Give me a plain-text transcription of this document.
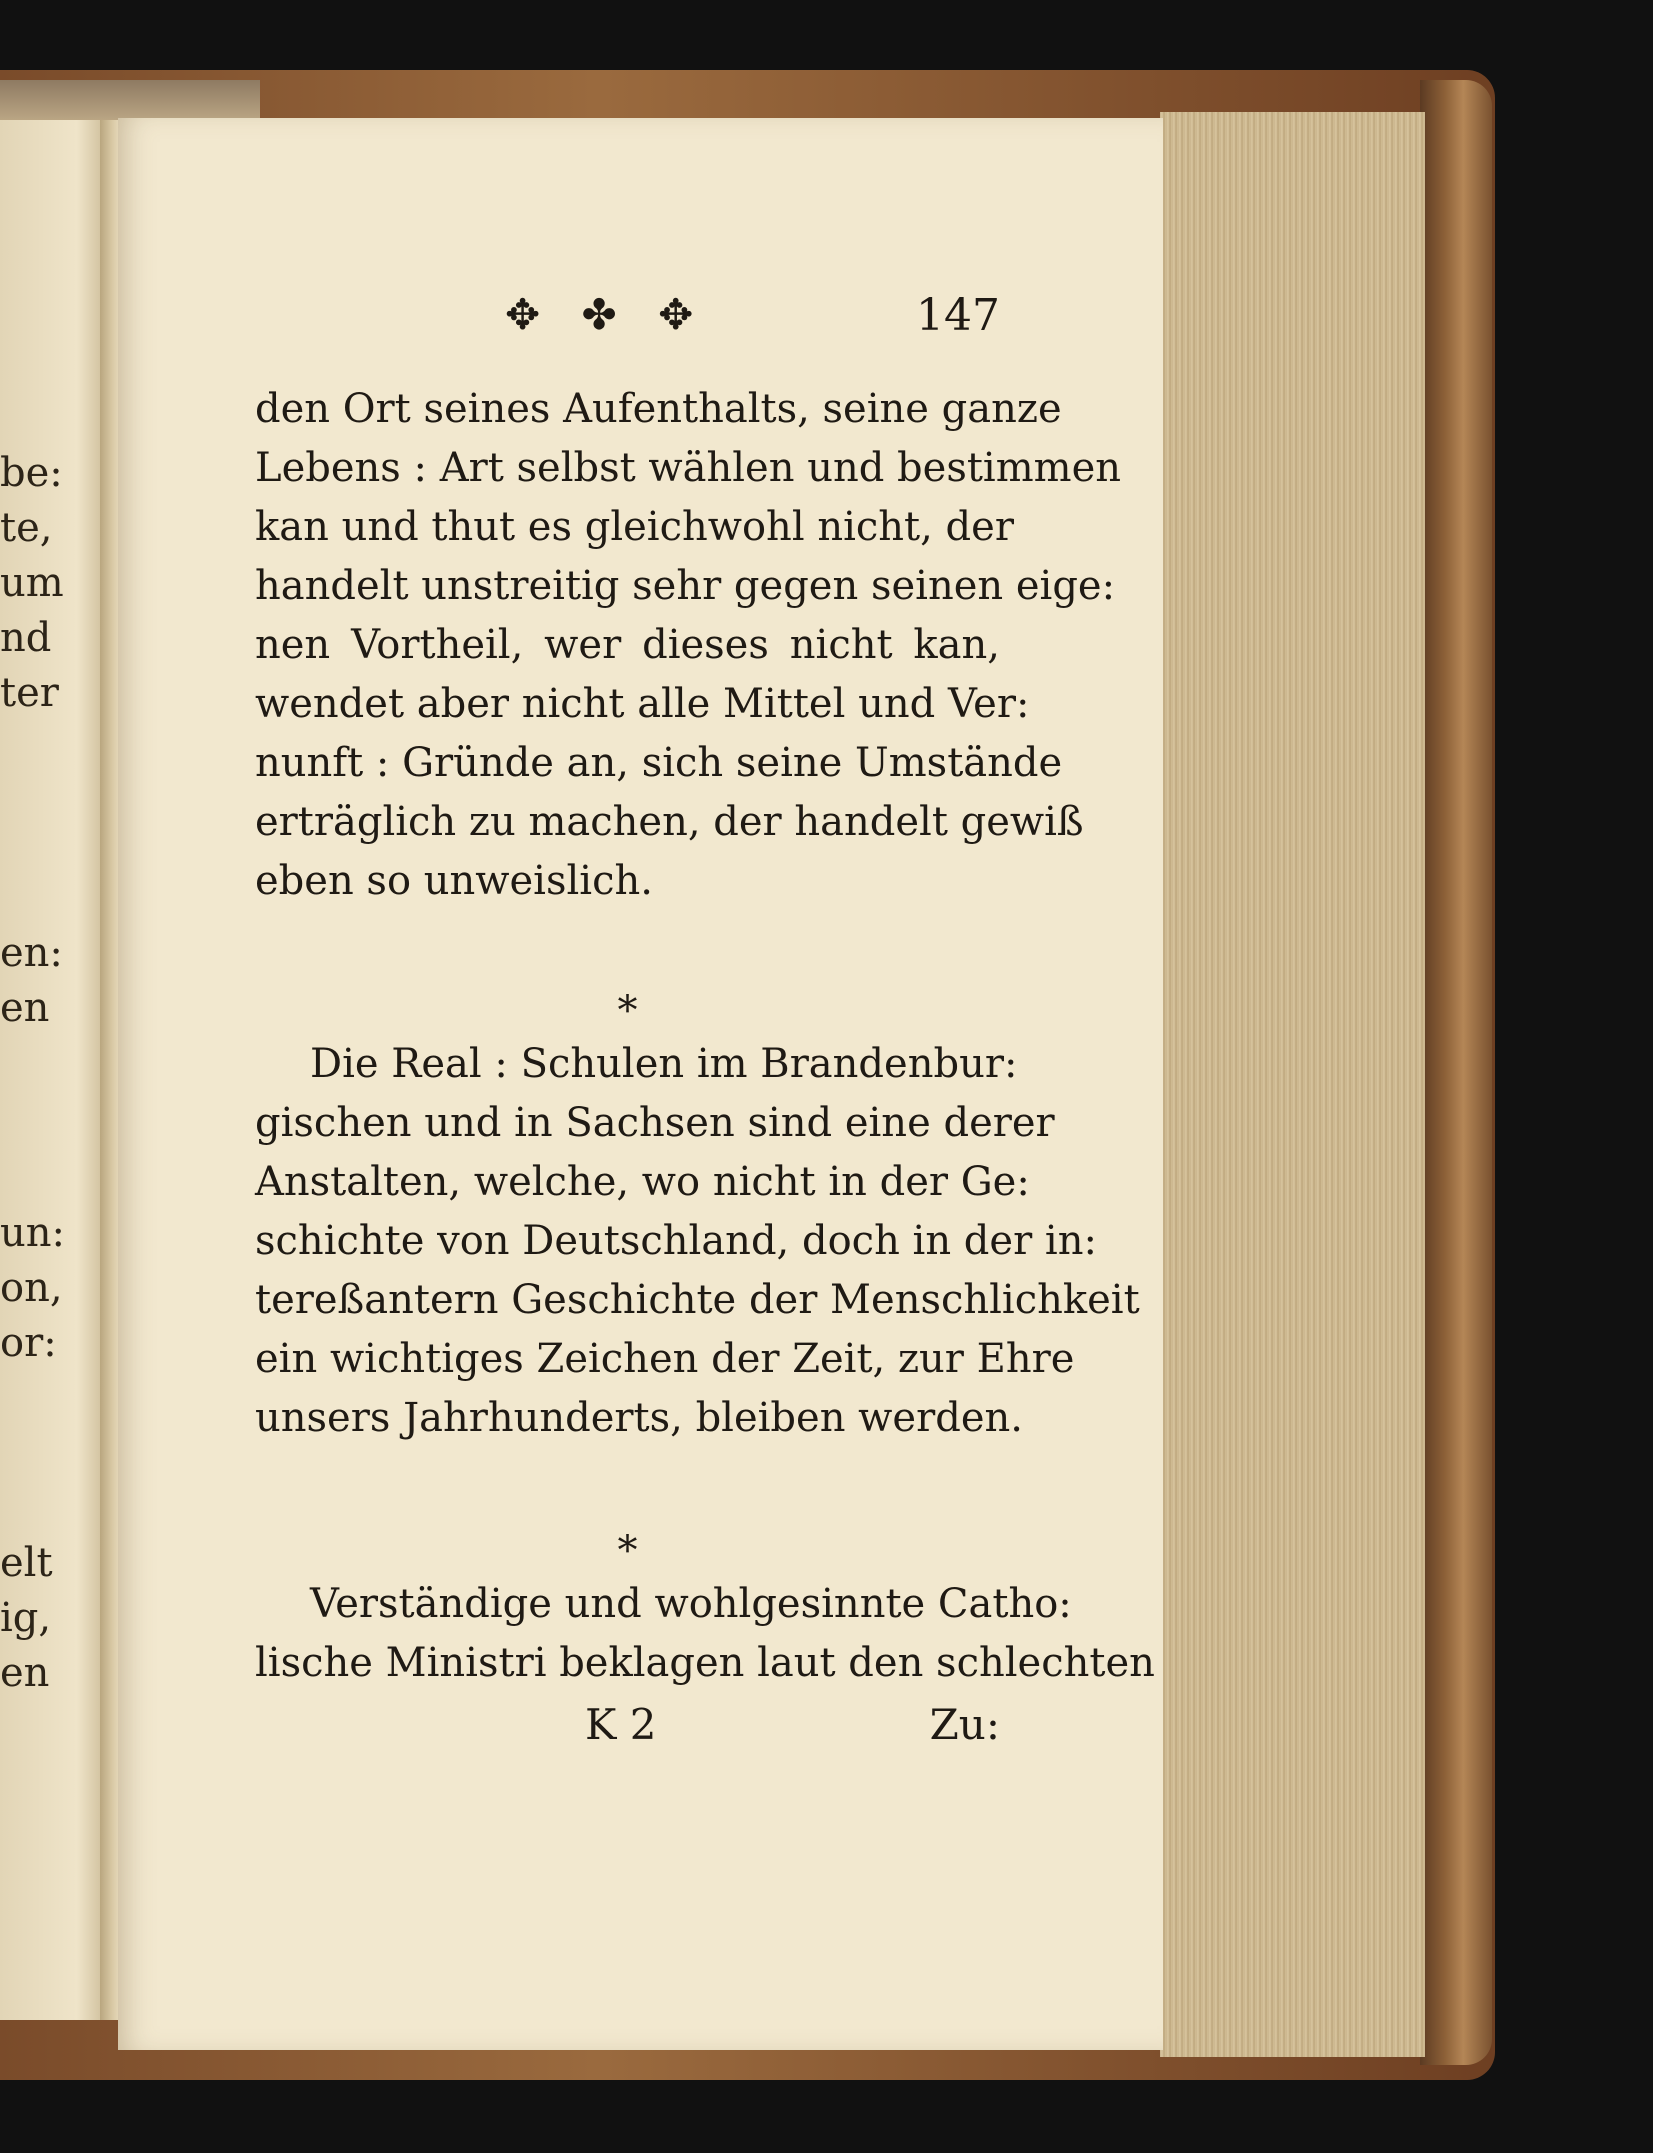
be:
te,
um
nd
ter
en:
en
un:
on,
or:
elt
ig,
en
✥ ✤ ✥	147
den Ort seines Aufenthalts, seine ganze
Lebens : Art selbst wählen und bestimmen
kan und thut es gleichwohl nicht, der
handelt unstreitig sehr gegen seinen eige:
nen Vortheil, wer dieses nicht kan,
wendet aber nicht alle Mittel und Ver:
nunft : Gründe an, sich seine Umstände
erträglich zu machen, der handelt gewiß
eben so unweislich.
*
Die Real : Schulen im Brandenbur:
gischen und in Sachsen sind eine derer
Anstalten, welche, wo nicht in der Ge:
schichte von Deutschland, doch in der in:
tereßantern Geschichte der Menschlichkeit
ein wichtiges Zeichen der Zeit, zur Ehre
unsers Jahrhunderts, bleiben werden.
*
Verständige und wohlgesinnte Catho:
lische Ministri beklagen laut den schlechten
K 2	Zu:
